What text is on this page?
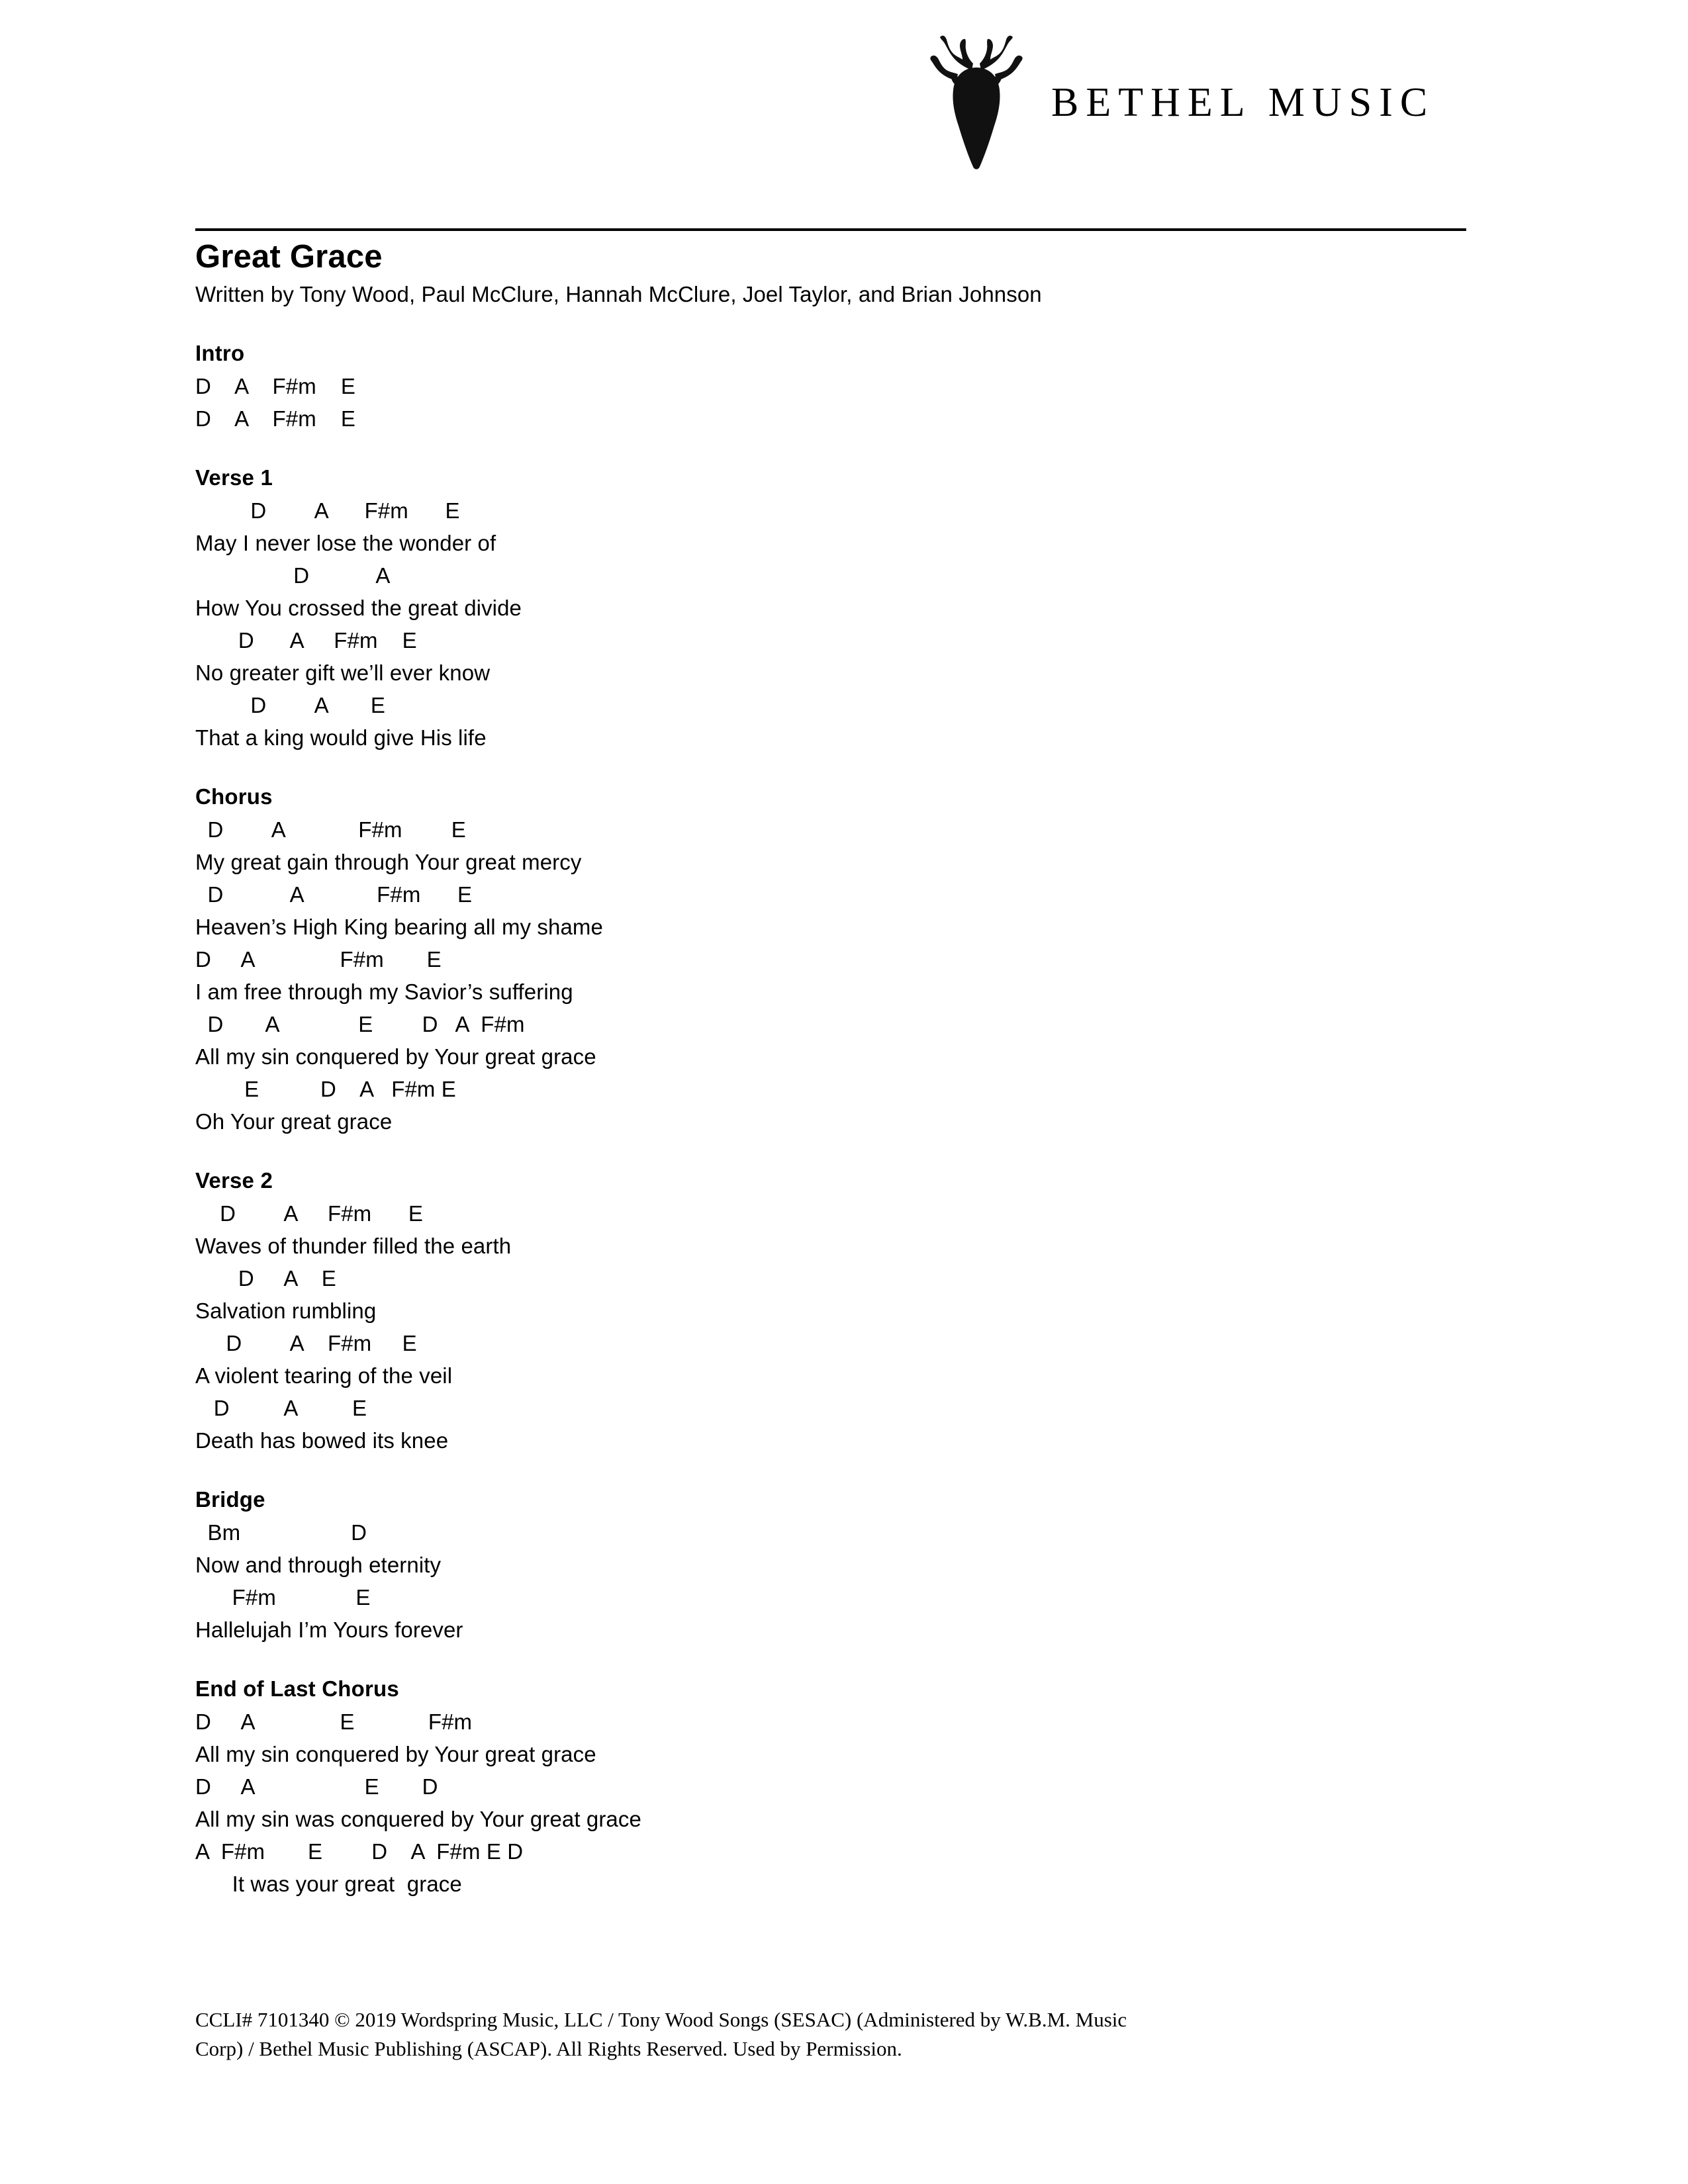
BETHEL MUSIC
Great Grace

Written by Tony Wood, Paul McClure, Hannah McClure, Joel Taylor, and Brian Johnson

Intro
D    A    F#m    E
D    A    F#m    E
Verse 1
D        A      F#m      E
May I never lose the wonder of
D           A
How You crossed the great divide
D      A     F#m    E
No greater gift we’ll ever know
D        A       E
That a king would give His life
Chorus
D        A            F#m        E
My great gain through Your great mercy
D           A            F#m      E
Heaven’s High King bearing all my shame
D     A              F#m       E
I am free through my Savior’s suffering
D       A             E        D   A  F#m
All my sin conquered by Your great grace
E          D    A   F#m E
Oh Your great grace
Verse 2
D        A     F#m      E
Waves of thunder filled the earth
D     A    E
Salvation rumbling
D        A    F#m     E
A violent tearing of the veil
D         A         E
Death has bowed its knee
Bridge
Bm                  D
Now and through eternity
F#m             E
Hallelujah I’m Yours forever
End of Last Chorus
D     A              E            F#m
All my sin conquered by Your great grace
D     A                  E       D
All my sin was conquered by Your great grace
A  F#m       E        D    A  F#m E D
It was your great  grace

CCLI# 7101340 © 2019 Wordspring Music, LLC / Tony Wood Songs (SESAC) (Administered by W.B.M. Music

Corp) / Bethel Music Publishing (ASCAP). All Rights Reserved. Used by Permission.
